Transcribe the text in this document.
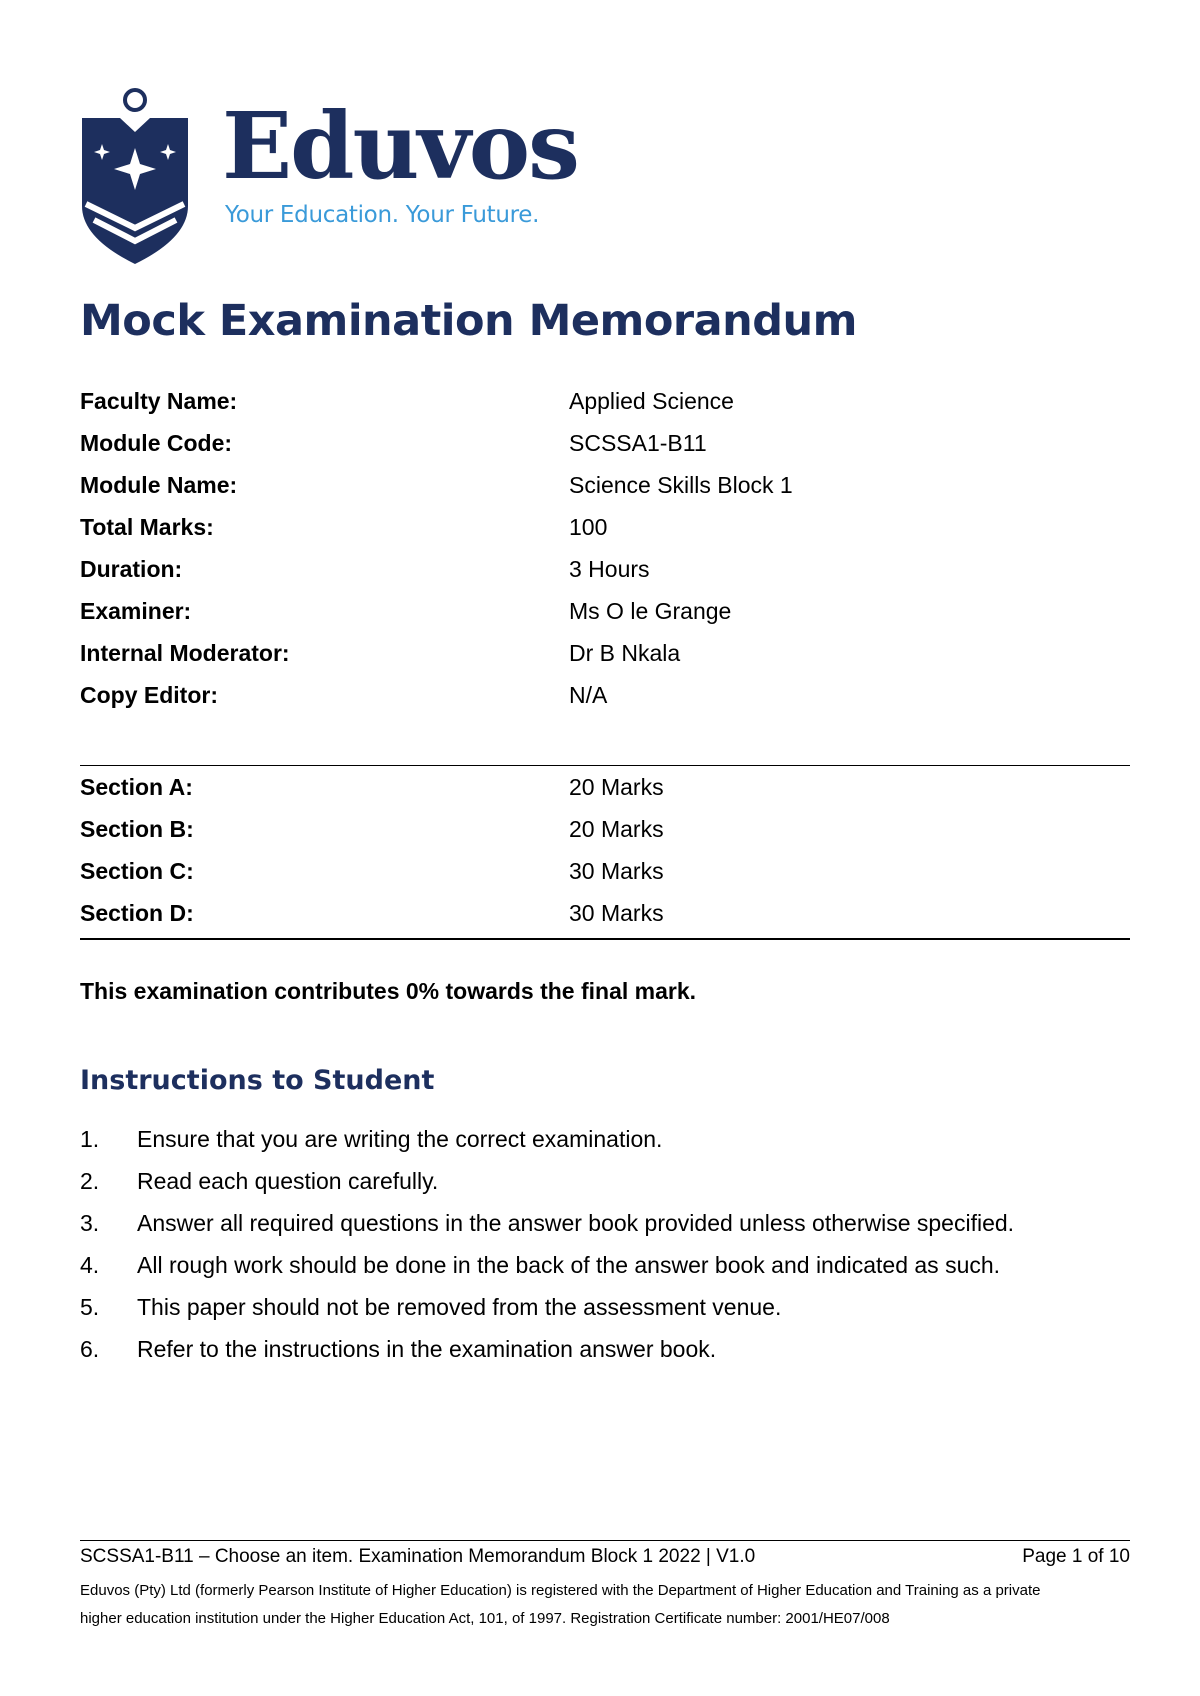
Eduvos
Your Education. Your Future.
Mock Examination Memorandum
Faculty Name:	Applied Science
Module Code:	SCSSA1-B11
Module Name:	Science Skills Block 1
Total Marks:	100
Duration:	3 Hours
Examiner:	Ms O le Grange
Internal Moderator:	Dr B Nkala
Copy Editor:	N/A
Section A:	20 Marks
Section B:	20 Marks
Section C:	30 Marks
Section D:	30 Marks
This examination contributes 0% towards the final mark.
Instructions to Student
1. Ensure that you are writing the correct examination.
2. Read each question carefully.
3. Answer all required questions in the answer book provided unless otherwise specified.
4. All rough work should be done in the back of the answer book and indicated as such.
5. This paper should not be removed from the assessment venue.
6. Refer to the instructions in the examination answer book.
SCSSA1-B11 – Choose an item. Examination Memorandum Block 1 2022 | V1.0	Page 1 of 10
Eduvos (Pty) Ltd (formerly Pearson Institute of Higher Education) is registered with the Department of Higher Education and Training as a private
higher education institution under the Higher Education Act, 101, of 1997. Registration Certificate number: 2001/HE07/008
